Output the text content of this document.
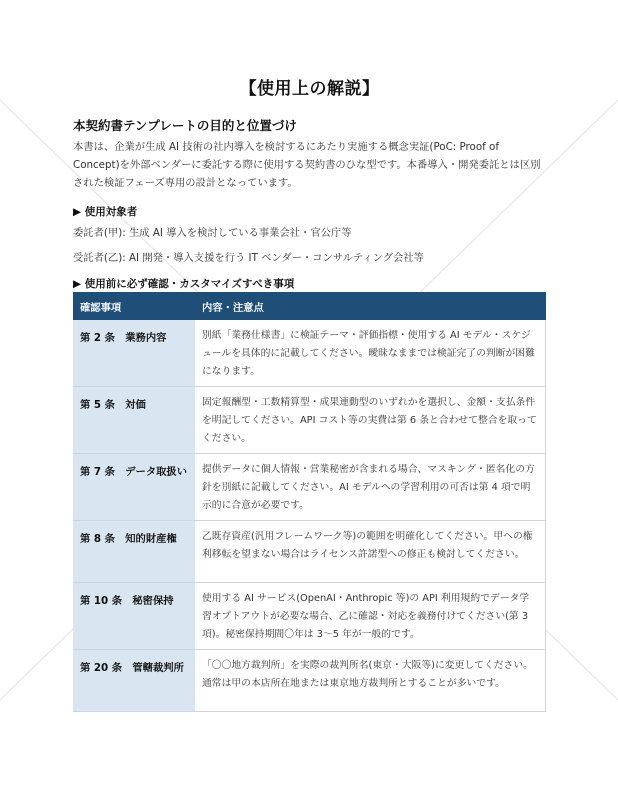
【使用上の解説】
本契約書テンプレートの目的と位置づけ
本書は、企業が生成 AI 技術の社内導入を検討するにあたり実施する概念実証(PoC: Proof of Concept)を外部ベンダーに委託する際に使用する契約書のひな型です。本番導入・開発委託とは区別された検証フェーズ専用の設計となっています。
▶ 使用対象者
委託者(甲): 生成 AI 導入を検討している事業会社・官公庁等
受託者(乙): AI 開発・導入支援を行う IT ベンダー・コンサルティング会社等
▶ 使用前に必ず確認・カスタマイズすべき事項
確認事項	内容・注意点
第 2 条　業務内容	別紙「業務仕様書」に検証テーマ・評価指標・使用する AI モデル・スケジュールを具体的に記載してください。曖昧なままでは検証完了の判断が困難になります。
第 5 条　対価	固定報酬型・工数精算型・成果連動型のいずれかを選択し、金額・支払条件を明記してください。API コスト等の実費は第 6 条と合わせて整合を取ってください。
第 7 条　データ取扱い	提供データに個人情報・営業秘密が含まれる場合、マスキング・匿名化の方針を別紙に記載してください。AI モデルへの学習利用の可否は第 4 項で明示的に合意が必要です。
第 8 条　知的財産権	乙既存資産(汎用フレームワーク等)の範囲を明確化してください。甲への権利移転を望まない場合はライセンス許諾型への修正も検討してください。
第 10 条　秘密保持	使用する AI サービス(OpenAI・Anthropic 等)の API 利用規約でデータ学習オプトアウトが必要な場合、乙に確認・対応を義務付けてください(第 3 項)。秘密保持期間〇年は 3〜5 年が一般的です。
第 20 条　管轄裁判所	「〇〇地方裁判所」を実際の裁判所名(東京・大阪等)に変更してください。通常は甲の本店所在地または東京地方裁判所とすることが多いです。
